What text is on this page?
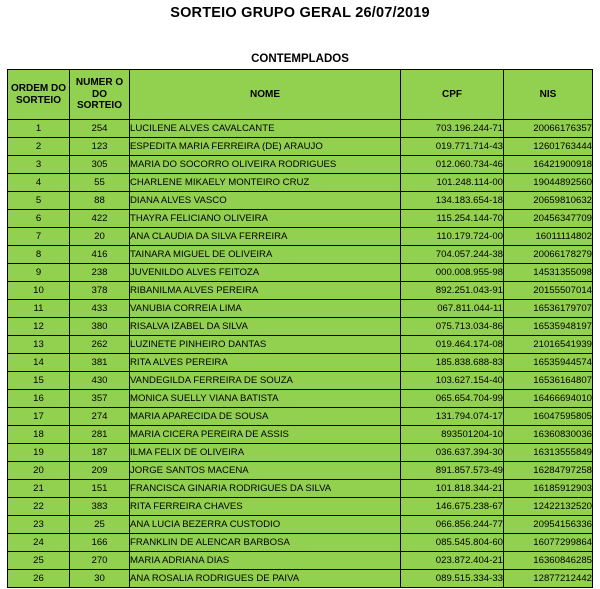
SORTEIO GRUPO GERAL 26/07/2019
CONTEMPLADOS
ORDEM DO SORTEIO	NUMER O DO SORTEIO	NOME	CPF	NIS
1	254	LUCILENE ALVES CAVALCANTE	703.196.244-71	20066176357
2	123	ESPEDITA MARIA FERREIRA (DE) ARAUJO	019.771.714-43	12601763444
3	305	MARIA DO SOCORRO OLIVEIRA RODRIGUES	012.060.734-46	16421900918
4	55	CHARLENE MIKAELY MONTEIRO CRUZ	101.248.114-00	19044892560
5	88	DIANA ALVES VASCO	134.183.654-18	20659810632
6	422	THAYRA FELICIANO OLIVEIRA	115.254.144-70	20456347709
7	20	ANA CLAUDIA DA SILVA FERREIRA	110.179.724-00	16011114802
8	416	TAINARA MIGUEL DE OLIVEIRA	704.057.244-38	20066178279
9	238	JUVENILDO ALVES FEITOZA	000.008.955-98	14531355098
10	378	RIBANILMA ALVES PEREIRA	892.251.043-91	20155507014
11	433	VANUBIA CORREIA LIMA	067.811.044-11	16536179707
12	380	RISALVA IZABEL DA SILVA	075.713.034-86	16535948197
13	262	LUZINETE PINHEIRO DANTAS	019.464.174-08	21016541939
14	381	RITA ALVES PEREIRA	185.838.688-83	16535944574
15	430	VANDEGILDA FERREIRA DE SOUZA	103.627.154-40	16536164807
16	357	MONICA SUELLY VIANA BATISTA	065.654.704-99	16466694010
17	274	MARIA APARECIDA DE SOUSA	131.794.074-17	16047595805
18	281	MARIA CICERA PEREIRA DE ASSIS	893501204-10	16360830036
19	187	ILMA FELIX DE OLIVEIRA	036.637.394-30	16313555849
20	209	JORGE SANTOS MACENA	891.857.573-49	16284797258
21	151	FRANCISCA GINARIA RODRIGUES DA SILVA	101.818.344-21	16185912903
22	383	RITA FERREIRA CHAVES	146.675.238-67	12422132520
23	25	ANA LUCIA BEZERRA CUSTODIO	066.856.244-77	20954156336
24	166	FRANKLIN DE ALENCAR BARBOSA	085.545.804-60	16077299864
25	270	MARIA ADRIANA DIAS	023.872.404-21	16360846285
26	30	ANA ROSALIA RODRIGUES DE PAIVA	089.515.334-33	12877212442
